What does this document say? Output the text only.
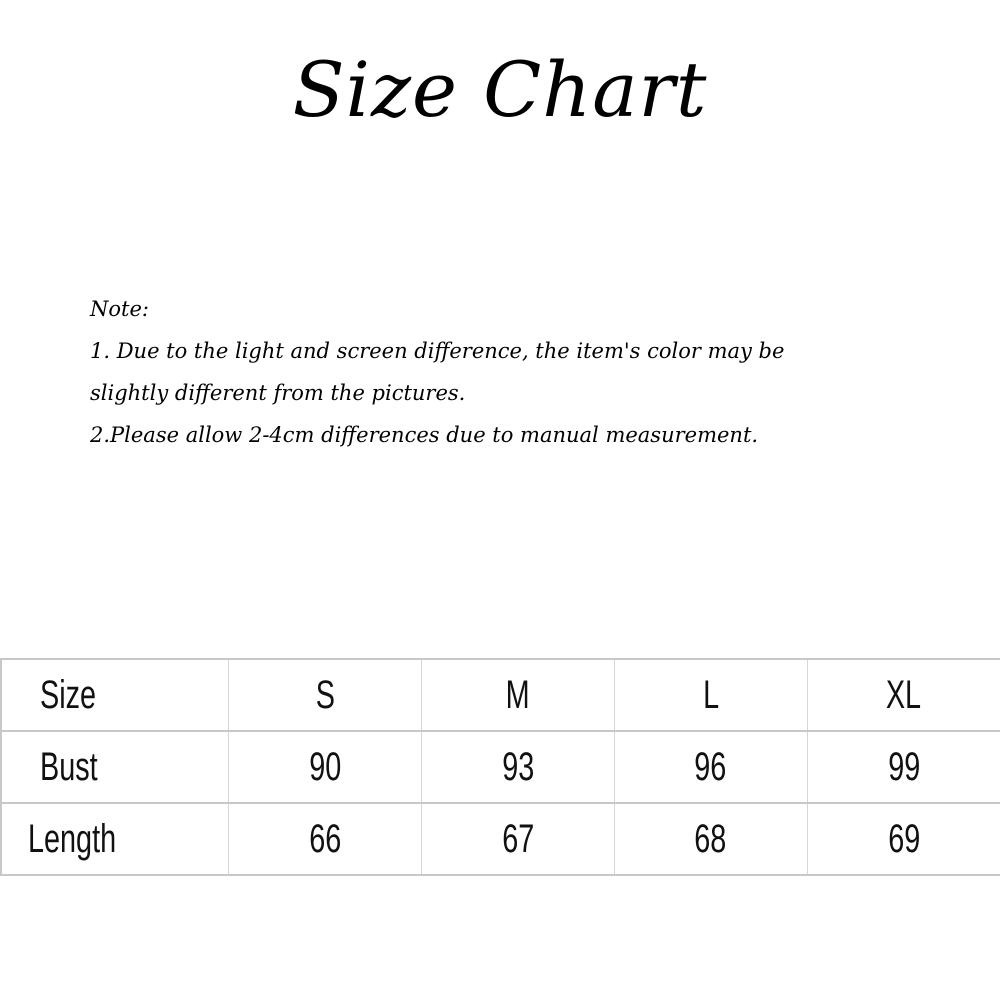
Size Chart
Note:
1. Due to the light and screen difference, the item's color may be
slightly different from the pictures.
2.Please allow 2-4cm differences due to manual measurement.
Size	S	M	L	XL
Bust	90	93	96	99
Length	66	67	68	69
